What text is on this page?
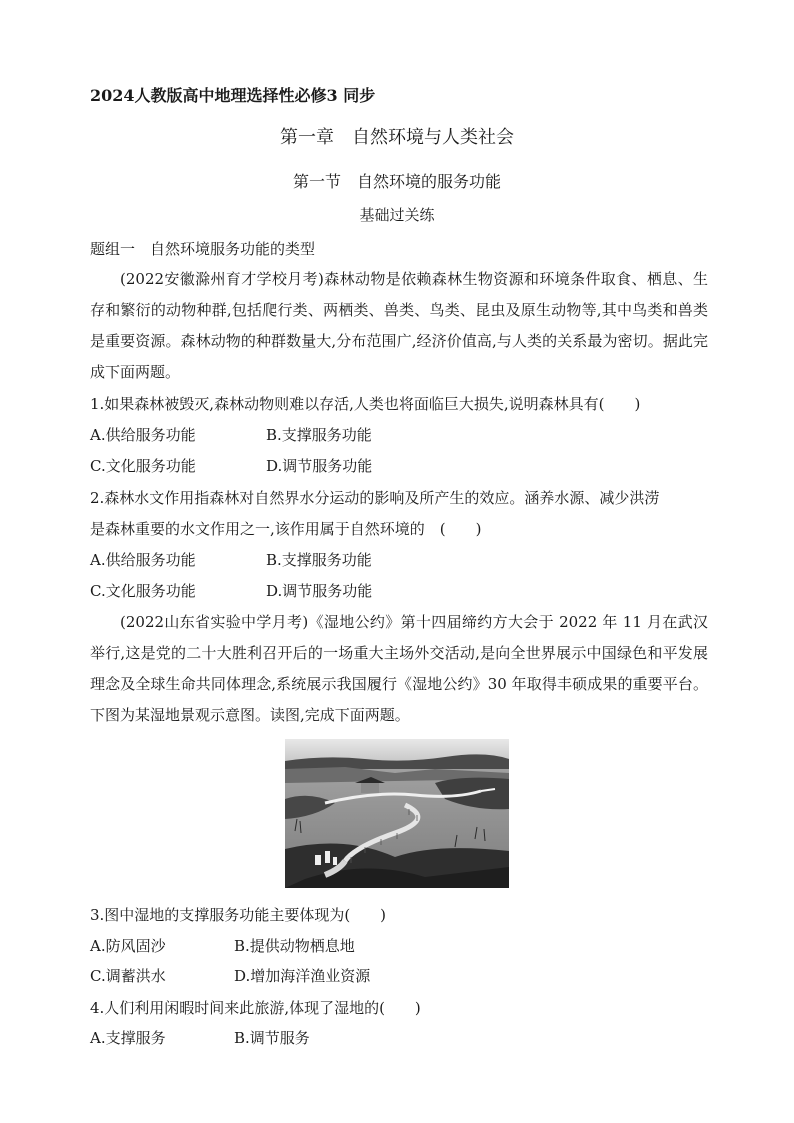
2024人教版高中地理选择性必修3 同步
第一章　自然环境与人类社会
第一节　自然环境的服务功能
基础过关练
题组一　自然环境服务功能的类型
(2022安徽滁州育才学校月考)森林动物是依赖森林生物资源和环境条件取食、栖息、生存和繁衍的动物种群,包括爬行类、两栖类、兽类、鸟类、昆虫及原生动物等,其中鸟类和兽类是重要资源。森林动物的种群数量大,分布范围广,经济价值高,与人类的关系最为密切。据此完成下面两题。
1.如果森林被毁灭,森林动物则难以存活,人类也将面临巨大损失,说明森林具有(　　)
A.供给服务功能	B.支撑服务功能
C.文化服务功能	D.调节服务功能
2.森林水文作用指森林对自然界水分运动的影响及所产生的效应。涵养水源、减少洪涝
是森林重要的水文作用之一,该作用属于自然环境的　(　　)
A.供给服务功能	B.支撑服务功能
C.文化服务功能	D.调节服务功能
(2022山东省实验中学月考)《湿地公约》第十四届缔约方大会于 2022 年 11 月在武汉举行,这是党的二十大胜利召开后的一场重大主场外交活动,是向全世界展示中国绿色和平发展理念及全球生命共同体理念,系统展示我国履行《湿地公约》30 年取得丰硕成果的重要平台。下图为某湿地景观示意图。读图,完成下面两题。
3.图中湿地的支撑服务功能主要体现为(　　)
A.防风固沙	B.提供动物栖息地
C.调蓄洪水	D.增加海洋渔业资源
4.人们利用闲暇时间来此旅游,体现了湿地的(　　)
A.支撑服务	B.调节服务
